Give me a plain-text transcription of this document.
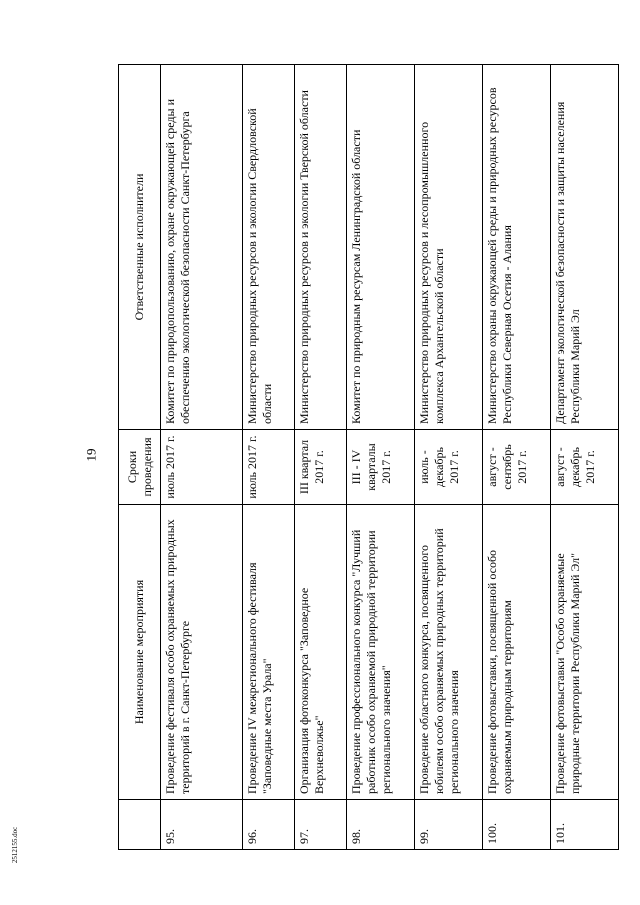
19
	Наименование мероприятия	Сроки проведения	Ответственные исполнители
95.	Проведение фестиваля особо охраняемых природных территорий в г. Санкт-Петербурге	июль 2017 г.	Комитет по природопользованию, охране окружающей среды и обеспечению экологической безопасности Санкт-Петербурга
96.	Проведение IV межрегионального фестиваля "Заповедные места Урала"	июль 2017 г.	Министерство природных ресурсов и экологии Свердловской области
97.	Организация фотоконкурса "Заповедное Верхневолжье"	III квартал 2017 г.	Министерство природных ресурсов и экологии Тверской области
98.	Проведение профессионального конкурса "Лучший работник особо охраняемой природной территории регионального значения"	III - IV кварталы 2017 г.	Комитет по природным ресурсам Ленинградской области
99.	Проведение областного конкурса, посвященного юбилеям особо охраняемых природных территорий регионального значения	июль - декабрь 2017 г.	Министерство природных ресурсов и лесопромышленного комплекса Архангельской области
100.	Проведение фотовыставки, посвященной особо охраняемым природным территориям	август - сентябрь 2017 г.	Министерство охраны окружающей среды и природных ресурсов Республики Северная Осетия - Алания
101.	Проведение фотовыставки "Особо охраняемые природные территории Республики Марий Эл"	август - декабрь 2017 г.	Департамент экологической безопасности и защиты населения Республики Марий Эл
2512155.doc
